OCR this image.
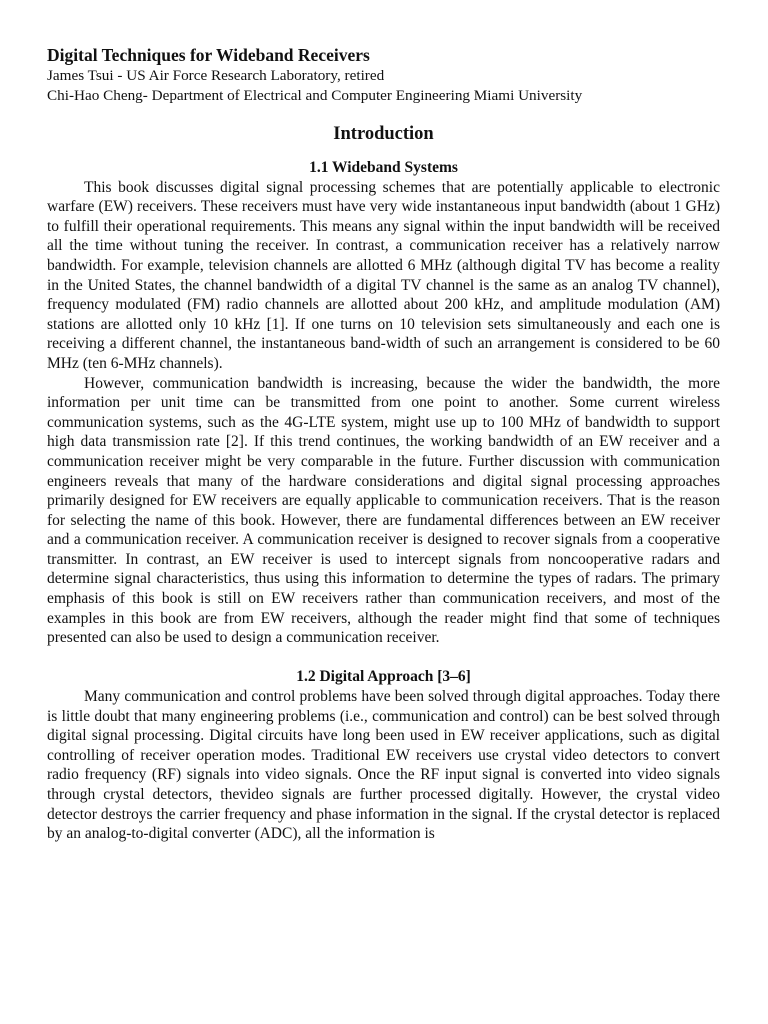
Digital Techniques for Wideband Receivers
James Tsui - US Air Force Research Laboratory, retired
Chi-Hao Cheng- Department of Electrical and Computer Engineering Miami University
Introduction
1.1 Wideband Systems

This book discusses digital signal processing schemes that are potentially applicable to electronic warfare (EW) receivers. These receivers must have very wide instantaneous input bandwidth (about 1 GHz) to fulfill their operational requirements. This means any signal within the input bandwidth will be received all the time without tuning the receiver. In contrast, a communication receiver has a relatively narrow bandwidth. For example, television channels are allotted 6 MHz (although digital TV has become a reality in the United States, the channel bandwidth of a digital TV channel is the same as an analog TV channel), frequency modulated (FM) radio channels are allotted about 200 kHz, and amplitude modulation (AM) stations are allotted only 10 kHz [1]. If one turns on 10 television sets simultaneously and each one is receiving a different channel, the instantaneous band-width of such an arrangement is considered to be 60 MHz (ten 6-MHz channels).

However, communication bandwidth is increasing, because the wider the bandwidth, the more information per unit time can be transmitted from one point to another. Some current wireless communication systems, such as the 4G-LTE system, might use up to 100 MHz of bandwidth to support high data transmission rate [2]. If this trend continues, the working bandwidth of an EW receiver and a communication receiver might be very comparable in the future. Further discussion with communication engineers reveals that many of the hardware considerations and digital signal processing approaches primarily designed for EW receivers are equally applicable to communication receivers. That is the reason for selecting the name of this book. However, there are fundamental differences between an EW receiver and a communication receiver. A communication receiver is designed to recover signals from a cooperative transmitter. In contrast, an EW receiver is used to intercept signals from noncooperative radars and determine signal characteristics, thus using this information to determine the types of radars. The primary emphasis of this book is still on EW receivers rather than communication receivers, and most of the examples in this book are from EW receivers, although the reader might find that some of techniques presented can also be used to design a communication receiver.

1.2 Digital Approach [3–6]

Many communication and control problems have been solved through digital approaches. Today there is little doubt that many engineering problems (i.e., communication and control) can be best solved through digital signal processing. Digital circuits have long been used in EW receiver applications, such as digital controlling of receiver operation modes. Traditional EW receivers use crystal video detectors to convert radio frequency (RF) signals into video signals. Once the RF input signal is converted into video signals through crystal detectors, thevideo signals are further processed digitally. However, the crystal video detector destroys the carrier frequency and phase information in the signal. If the crystal detector is replaced by an analog-to-digital converter (ADC), all the information is
